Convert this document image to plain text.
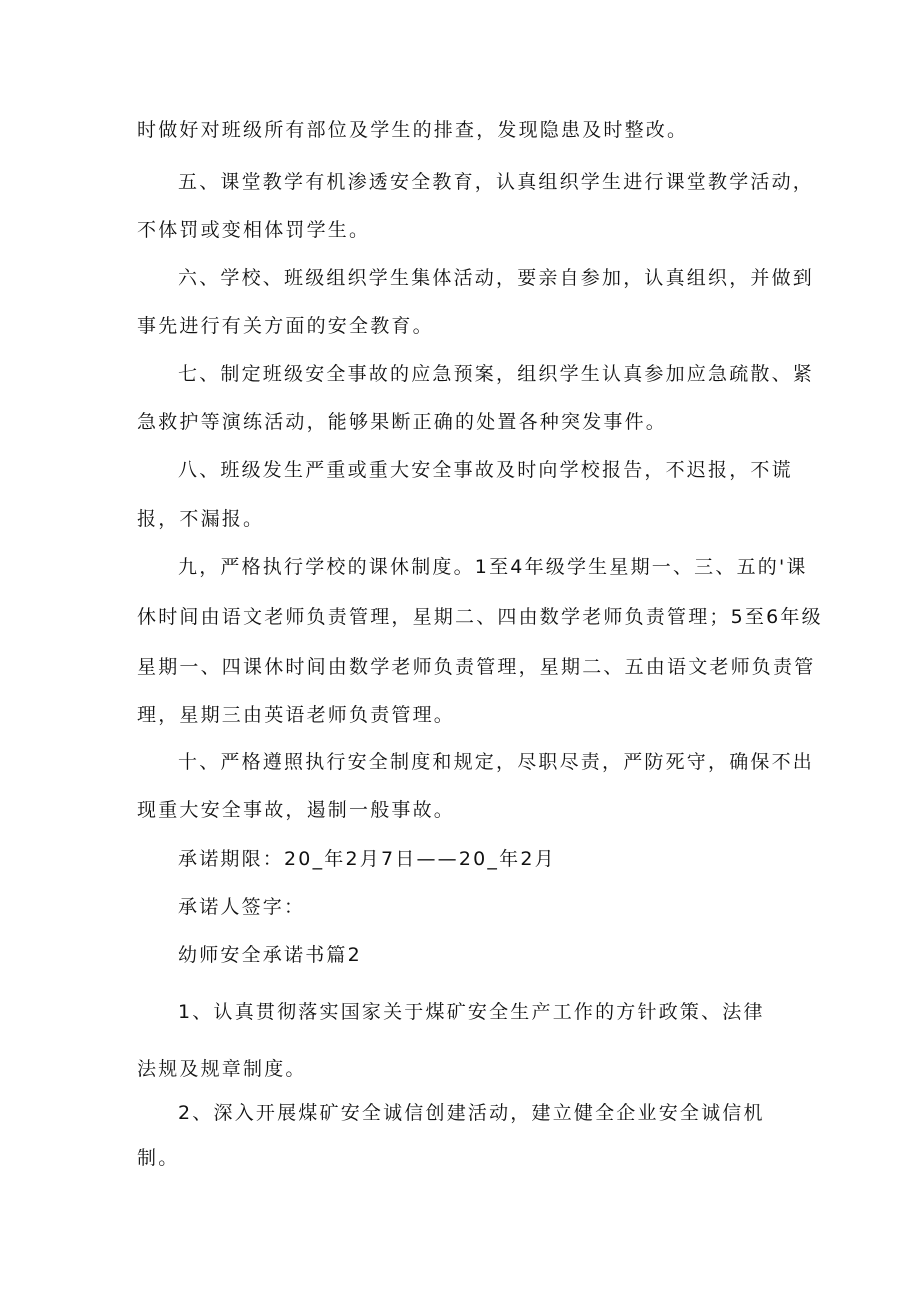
时做好对班级所有部位及学生的排查，发现隐患及时整改。

五、课堂教学有机渗透安全教育，认真组织学生进行课堂教学活动，

不体罚或变相体罚学生。

六、学校、班级组织学生集体活动，要亲自参加，认真组织，并做到

事先进行有关方面的安全教育。

七、制定班级安全事故的应急预案，组织学生认真参加应急疏散、紧

急救护等演练活动，能够果断正确的处置各种突发事件。

八、班级发生严重或重大安全事故及时向学校报告，不迟报，不谎

报，不漏报。

九，严格执行学校的课休制度。1至4年级学生星期一、三、五的'课

休时间由语文老师负责管理，星期二、四由数学老师负责管理；5至6年级

星期一、四课休时间由数学老师负责管理，星期二、五由语文老师负责管

理，星期三由英语老师负责管理。

十、严格遵照执行安全制度和规定，尽职尽责，严防死守，确保不出

现重大安全事故，遏制一般事故。

承诺期限：20_年2月7日——20_年2月

承诺人签字：

幼师安全承诺书篇2

1、认真贯彻落实国家关于煤矿安全生产工作的方针政策、法律

法规及规章制度。

2、深入开展煤矿安全诚信创建活动，建立健全企业安全诚信机

制。
